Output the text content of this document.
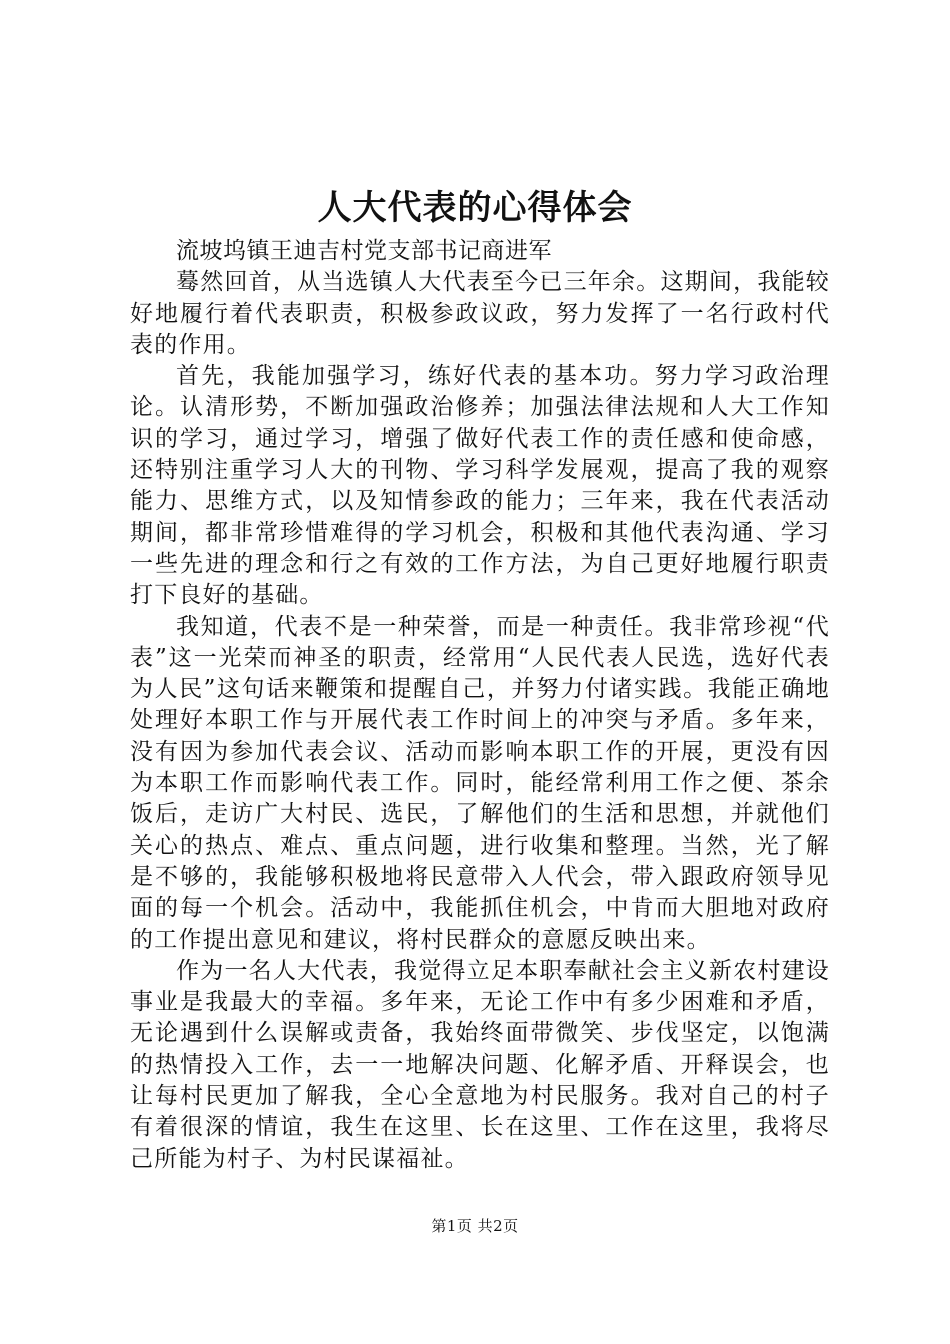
人大代表的心得体会

流坡坞镇王迪吉村党支部书记商进军

蓦然回首，从当选镇人大代表至今已三年余。这期间，我能较好地履行着代表职责，积极参政议政，努力发挥了一名行政村代表的作用。

首先，我能加强学习，练好代表的基本功。努力学习政治理论。认清形势，不断加强政治修养；加强法律法规和人大工作知识的学习，通过学习，增强了做好代表工作的责任感和使命感，还特别注重学习人大的刊物、学习科学发展观，提高了我的观察能力、思维方式，以及知情参政的能力；三年来，我在代表活动期间，都非常珍惜难得的学习机会，积极和其他代表沟通、学习一些先进的理念和行之有效的工作方法，为自己更好地履行职责打下良好的基础。

我知道，代表不是一种荣誉，而是一种责任。我非常珍视“代表”这一光荣而神圣的职责，经常用“人民代表人民选，选好代表为人民”这句话来鞭策和提醒自己，并努力付诸实践。我能正确地处理好本职工作与开展代表工作时间上的冲突与矛盾。多年来，没有因为参加代表会议、活动而影响本职工作的开展，更没有因为本职工作而影响代表工作。同时，能经常利用工作之便、茶余饭后，走访广大村民、选民，了解他们的生活和思想，并就他们关心的热点、难点、重点问题，进行收集和整理。当然，光了解是不够的，我能够积极地将民意带入人代会，带入跟政府领导见面的每一个机会。活动中，我能抓住机会，中肯而大胆地对政府的工作提出意见和建议，将村民群众的意愿反映出来。

作为一名人大代表，我觉得立足本职奉献社会主义新农村建设事业是我最大的幸福。多年来，无论工作中有多少困难和矛盾，无论遇到什么误解或责备，我始终面带微笑、步伐坚定，以饱满的热情投入工作，去一一地解决问题、化解矛盾、开释误会，也让每村民更加了解我，全心全意地为村民服务。我对自己的村子有着很深的情谊，我生在这里、长在这里、工作在这里，我将尽己所能为村子、为村民谋福祉。

第1页 共2页
